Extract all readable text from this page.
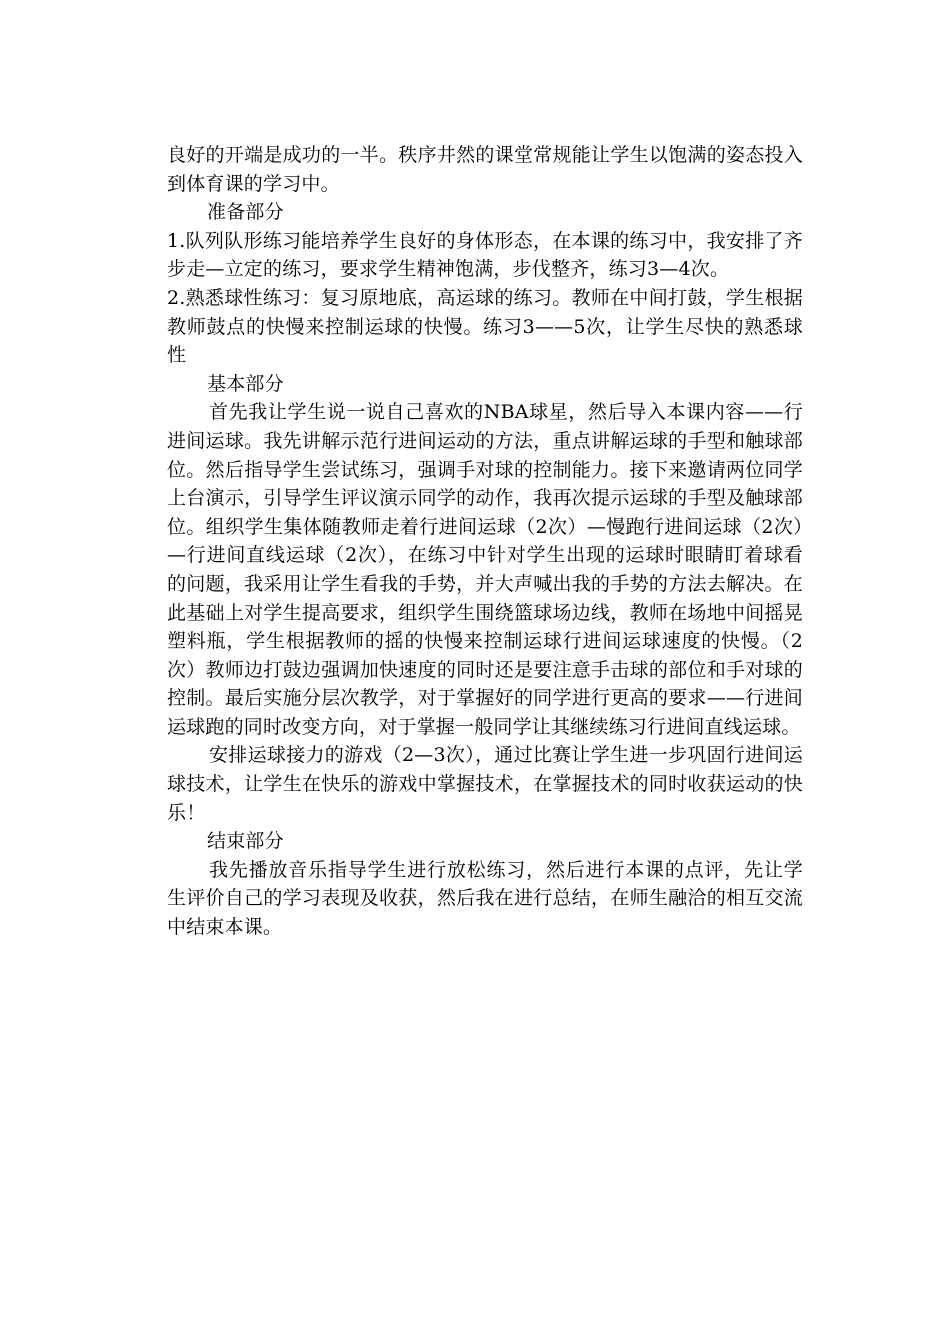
良好的开端是成功的一半。秩序井然的课堂常规能让学生以饱满的姿态投入到体育课的学习中。

准备部分

1.队列队形练习能培养学生良好的身体形态，在本课的练习中，我安排了齐步走—立定的练习，要求学生精神饱满，步伐整齐，练习3—4次。

2.熟悉球性练习：复习原地底，高运球的练习。教师在中间打鼓，学生根据教师鼓点的快慢来控制运球的快慢。练习3——5次，让学生尽快的熟悉球性

基本部分

首先我让学生说一说自己喜欢的NBA球星，然后导入本课内容——行进间运球。我先讲解示范行进间运动的方法，重点讲解运球的手型和触球部位。然后指导学生尝试练习，强调手对球的控制能力。接下来邀请两位同学上台演示，引导学生评议演示同学的动作，我再次提示运球的手型及触球部位。组织学生集体随教师走着行进间运球（2次）—慢跑行进间运球（2次）—行进间直线运球（2次），在练习中针对学生出现的运球时眼睛盯着球看的问题，我采用让学生看我的手势，并大声喊出我的手势的方法去解决。在此基础上对学生提高要求，组织学生围绕篮球场边线，教师在场地中间摇晃塑料瓶，学生根据教师的摇的快慢来控制运球行进间运球速度的快慢。（2次）教师边打鼓边强调加快速度的同时还是要注意手击球的部位和手对球的控制。最后实施分层次教学，对于掌握好的同学进行更高的要求——行进间运球跑的同时改变方向，对于掌握一般同学让其继续练习行进间直线运球。

安排运球接力的游戏（2—3次），通过比赛让学生进一步巩固行进间运球技术，让学生在快乐的游戏中掌握技术，在掌握技术的同时收获运动的快乐！

结束部分

我先播放音乐指导学生进行放松练习，然后进行本课的点评，先让学生评价自己的学习表现及收获，然后我在进行总结，在师生融洽的相互交流中结束本课。
